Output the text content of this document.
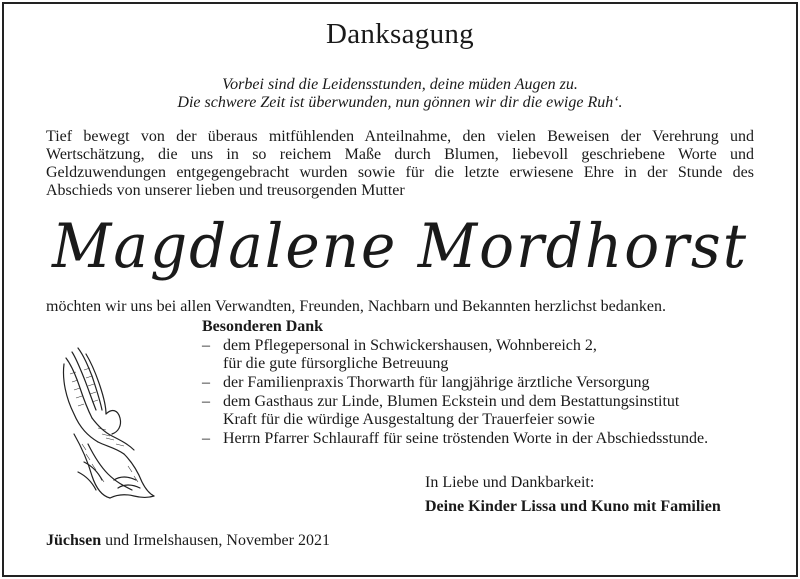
Danksagung
Vorbei sind die Leidensstunden, deine müden Augen zu.
Die schwere Zeit ist überwunden, nun gönnen wir dir die ewige Ruh‘.
Tief bewegt von der überaus mitfühlenden Anteilnahme, den vielen Beweisen der Verehrung und
Wertschätzung, die uns in so reichem Maße durch Blumen, liebevoll geschriebene Worte und
Geldzuwendungen entgegengebracht wurden sowie für die letzte erwiesene Ehre in der Stunde des
Abschieds von unserer lieben und treusorgenden Mutter
Magdalene Mordhorst
möchten wir uns bei allen Verwandten, Freunden, Nachbarn und Bekannten herzlichst bedanken.
Besonderen Dank
– dem Pflegepersonal in Schwickershausen, Wohnbereich 2,
für die gute fürsorgliche Betreuung
– der Familienpraxis Thorwarth für langjährige ärztliche Versorgung
– dem Gasthaus zur Linde, Blumen Eckstein und dem Bestattungsinstitut
Kraft für die würdige Ausgestaltung der Trauerfeier sowie
– Herrn Pfarrer Schlauraff für seine tröstenden Worte in der Abschiedsstunde.
In Liebe und Dankbarkeit:
Deine Kinder Lissa und Kuno mit Familien
Jüchsen und Irmelshausen, November 2021
